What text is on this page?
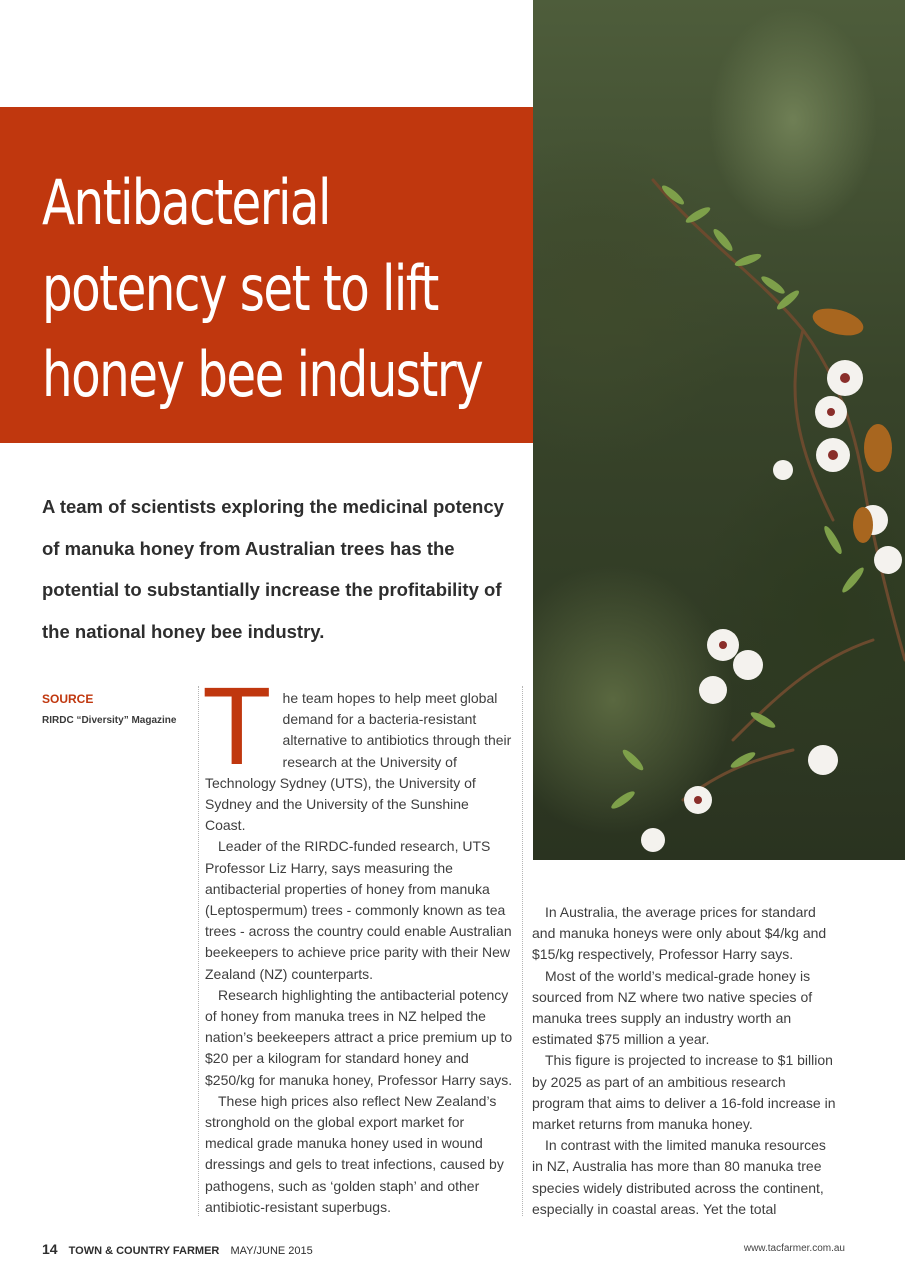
Antibacterial potency set to lift honey bee industry

A team of scientists exploring the medicinal potency of manuka honey from Australian trees has the potential to substantially increase the profitability of the national honey bee industry.

SOURCE

RIRDC “Diversity” Magazine T	he team hopes to help meet global demand for a bacteria-resistant alternative to antibiotics through their research at the University of Technology Sydney (UTS), the University of Sydney and the University of the Sunshine Coast.

Leader of the RIRDC-funded research, UTS Professor Liz Harry, says measuring the antibacterial properties of honey from manuka (Leptospermum) trees - commonly known as tea trees - across the country could enable Australian beekeepers to achieve price parity with their New Zealand (NZ) counterparts.

Research highlighting the antibacterial potency of honey from manuka trees in NZ helped the nation’s beekeepers attract a price premium up to $20 per a kilogram for standard honey and $250/kg for manuka honey, Professor Harry says.

These high prices also reflect New Zealand’s stronghold on the global export market for medical grade manuka honey used in wound dressings and gels to treat infections, caused by pathogens, such as ‘golden staph’ and other antibiotic-resistant superbugs.

In Australia, the average prices for standard and manuka honeys were only about $4/kg and $15/kg respectively, Professor Harry says.

Most of the world’s medical-grade honey is sourced from NZ where two native species of manuka trees supply an industry worth an estimated $75 million a year.

This figure is projected to increase to $1 billion by 2025 as part of an ambitious research program that aims to deliver a 16-fold increase in market returns from manuka honey.

In contrast with the limited manuka resources in NZ, Australia has more than 80 manuka tree species widely distributed across the continent, especially in coastal areas. Yet the total

14 TOWN & COUNTRY FARMER MAY/JUNE 2015	www.tacfarmer.com.au
